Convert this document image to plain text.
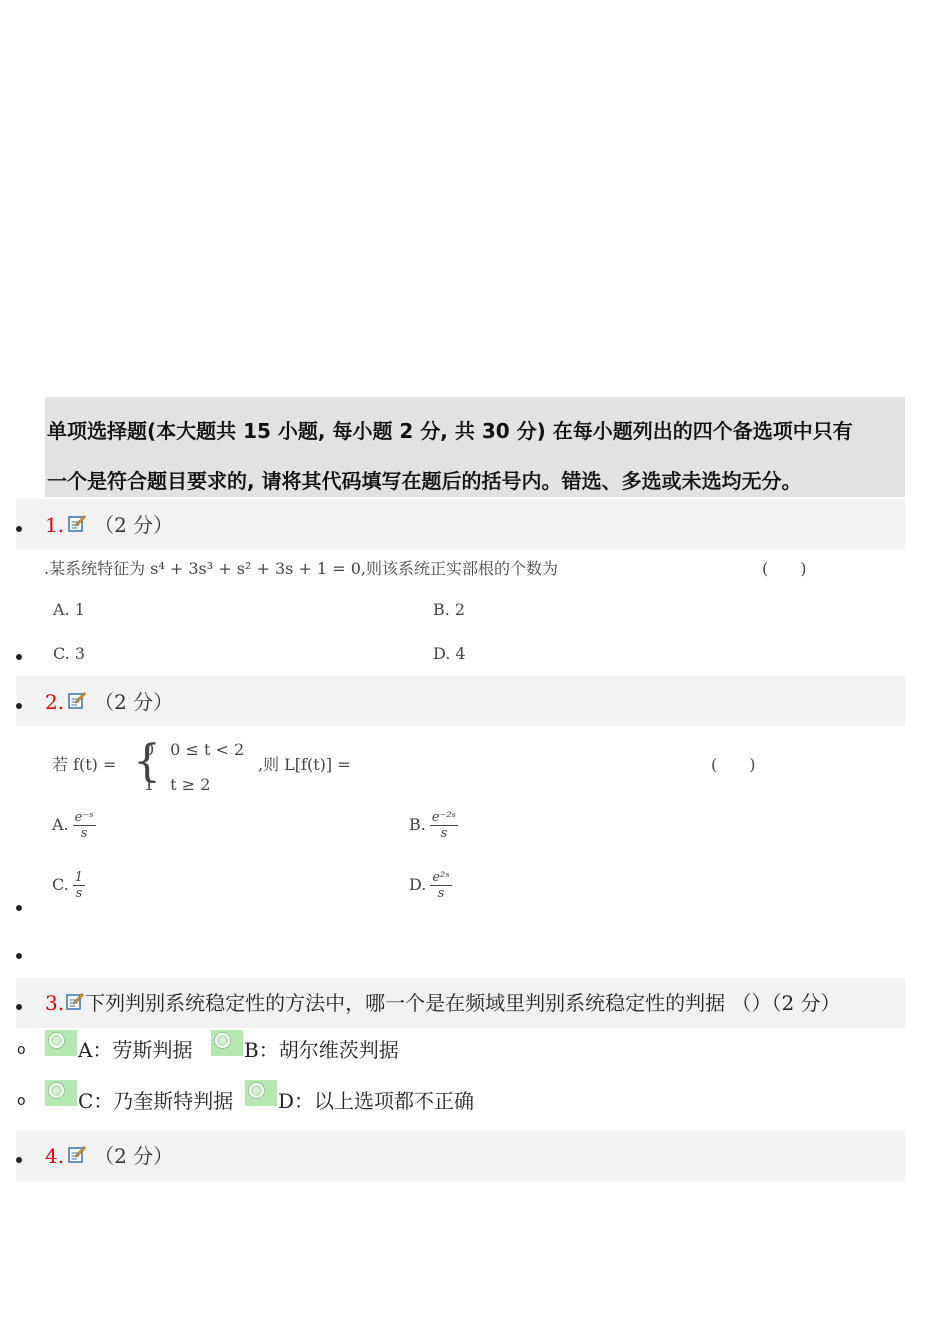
单项选择题(本大题共 15 小题, 每小题 2 分, 共 30 分) 在每小题列出的四个备选项中只有
一个是符合题目要求的, 请将其代码填写在题后的括号内。错选、多选或未选均无分。
1. （2 分）
.某系统特征为 s⁴ + 3s³ + s² + 3s + 1 = 0,则该系统正实部根的个数为	(　　)
A. 1	B. 2
C. 3	D. 4
2. （2 分）
若 f(t) = {
0　0 ≤ t < 2
1　t ≥ 2
,则 L[f(t)] =	(　　)
A. $\frac{\text{e⁻ˢ}}{s}$	B. $\frac{\text{e⁻²ˢ}}{s}$
C. $\frac{1}{s}$	D. $\frac{\text{e²ˢ}}{s}$
3. 下列判别系统稳定性的方法中，哪一个是在频域里判别系统稳定性的判据 （）（2 分）
o	A：劳斯判据	B：胡尔维茨判据
o	C：乃奎斯特判据 D：以上选项都不正确
4. （2 分）
